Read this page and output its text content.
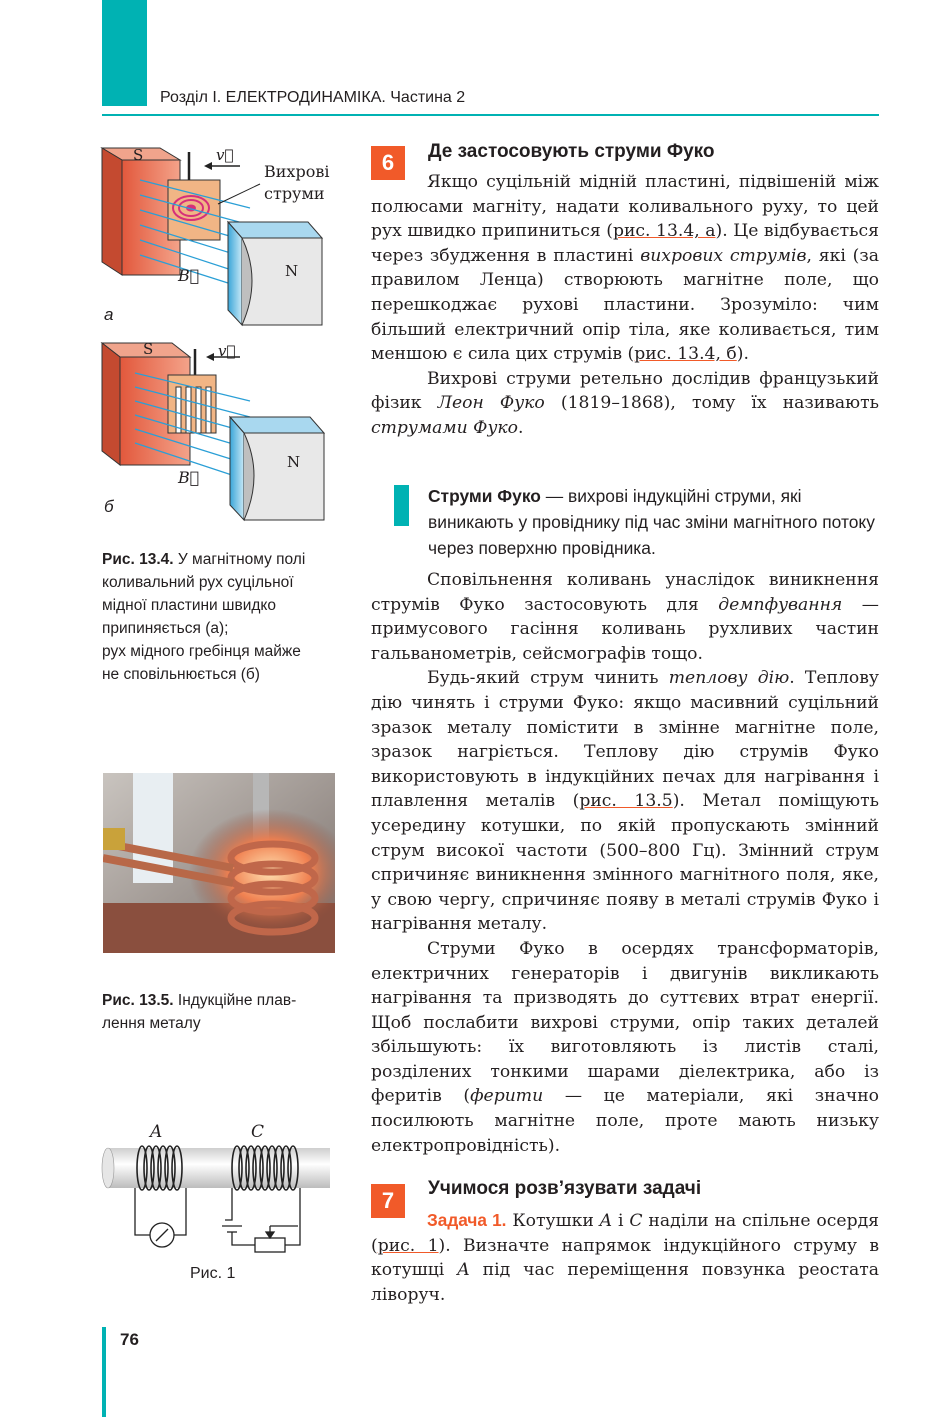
Розділ І. ЕЛЕКТРОДИНАМІКА. Частина 2
S	v⃗
Вихрові
струми
N
B⃗
а
S	v⃗
N
B⃗
б
Рис. 13.4. У магнітному полі
коливальний рух суцільної
мідної пластини швидко
припиняється (а);
рух мідного гребінця майже
не сповільнюється (б)
Рис. 13.5. Індукційне плав-
лення металу
A	C
Рис. 1
6	Де застосовують струми Фуко

Якщо суцільній мідній пластині, підвішеній між полюсами магніту, надати коливального руху, то цей рух швидко припиниться (рис. 13.4, а). Це відбувається через збудження в пластині вихрових струмів, які (за правилом Ленца) створюють магнітне поле, що перешкоджає рухові пластини. Зрозуміло: чим більший електричний опір тіла, яке коливається, тим меншою є сила цих струмів (рис. 13.4, б).

Вихрові струми ретельно дослідив французький фізик Леон Фуко (1819–1868), тому їх називають струмами Фуко.

Струми Фуко — вихрові індукційні струми, які виникають у провіднику під час зміни магнітного потоку через поверхню провідника.

Сповільнення коливань унаслідок виникнення струмів Фуко застосовують для демпфування — примусового гасіння коливань рухливих частин гальванометрів, сейсмографів тощо.

Будь-який струм чинить теплову дію. Теплову дію чинять і струми Фуко: якщо масивний суцільний зразок металу помістити в змінне магнітне поле, зразок нагріється. Теплову дію струмів Фуко використовують в індукційних печах для нагрівання і плавлення металів (рис. 13.5). Метал поміщують усередину котушки, по якій пропускають змінний струм високої частоти (500–800 Гц). Змінний струм спричиняє виникнення змінного магнітного поля, яке, у свою чергу, спричиняє появу в металі струмів Фуко і нагрівання металу.

Струми Фуко в осердях трансформаторів, електричних генераторів і двигунів викликають нагрівання та призводять до суттєвих втрат енергії. Щоб послабити вихрові струми, опір таких деталей збільшують: їх виготовляють із листів сталі, розділених тонкими шарами діелектрика, або із феритів (ферити — це матеріали, які значно посилюють магнітне поле, проте мають низьку електропровідність).

7	Учимося розв’язувати задачі

Задача 1. Котушки A і C наділи на спільне осердя (рис. 1). Визначте напрямок індукційного струму в котушці A під час переміщення повзунка реостата ліворуч.

76
